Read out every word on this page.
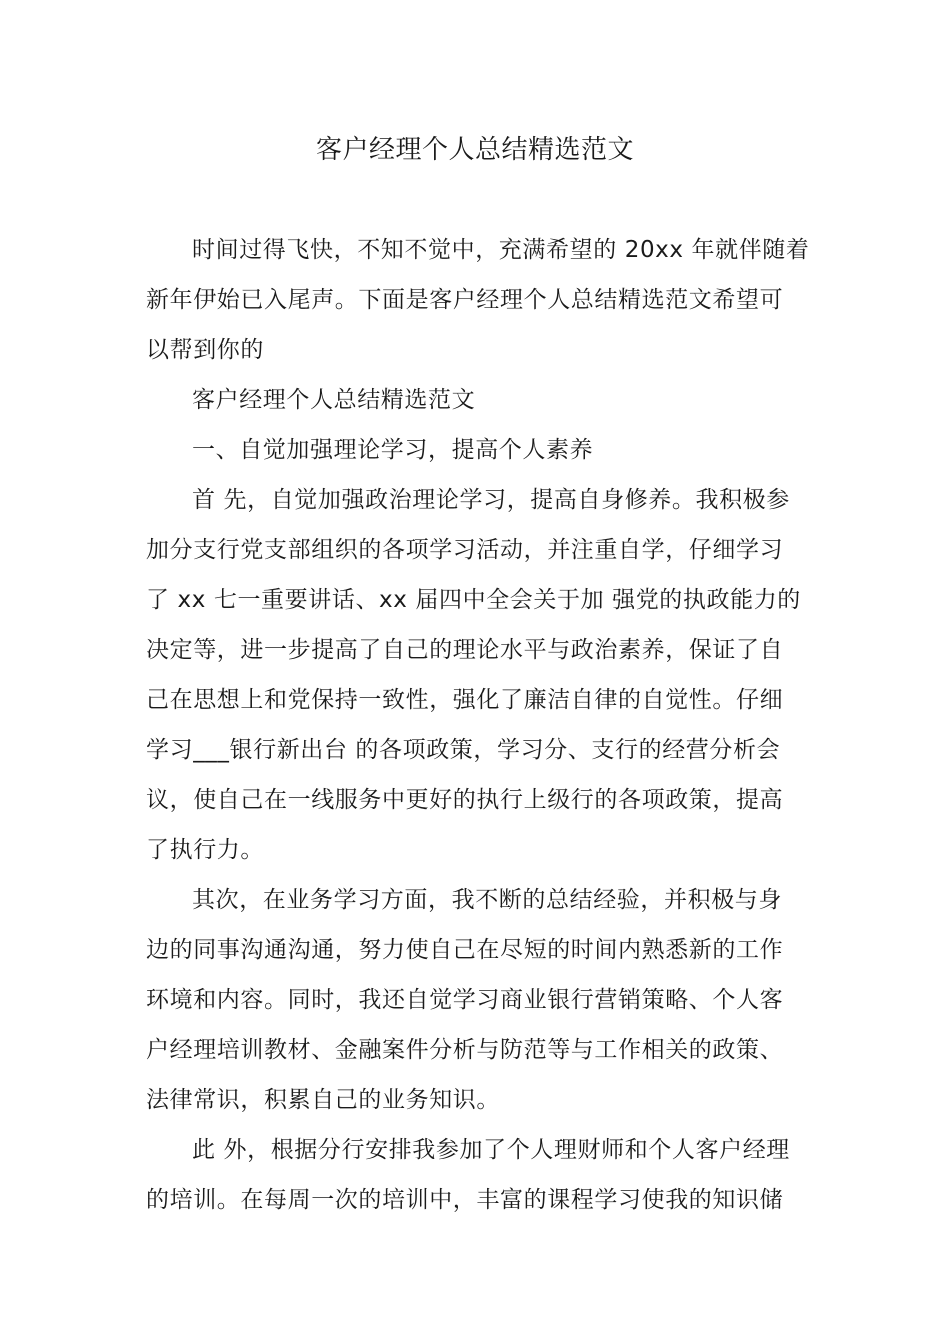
客户经理个人总结精选范文
时间过得飞快，不知不觉中，充满希望的 20xx 年就伴随着
新年伊始已入尾声。下面是客户经理个人总结精选范文希望可
以帮到你的
客户经理个人总结精选范文
一、自觉加强理论学习，提高个人素养
首 先，自觉加强政治理论学习，提高自身修养。我积极参
加分支行党支部组织的各项学习活动，并注重自学，仔细学习
了 xx 七一重要讲话、xx 届四中全会关于加 强党的执政能力的
决定等，进一步提高了自己的理论水平与政治素养，保证了自
己在思想上和党保持一致性，强化了廉洁自律的自觉性。仔细
学习___银行新出台 的各项政策，学习分、支行的经营分析会
议，使自己在一线服务中更好的执行上级行的各项政策，提高
了执行力。
其次，在业务学习方面，我不断的总结经验，并积极与身
边的同事沟通沟通，努力使自己在尽短的时间内熟悉新的工作
环境和内容。同时，我还自觉学习商业银行营销策略、个人客
户经理培训教材、金融案件分析与防范等与工作相关的政策、
法律常识，积累自己的业务知识。
此 外，根据分行安排我参加了个人理财师和个人客户经理
的培训。在每周一次的培训中，丰富的课程学习使我的知识储
